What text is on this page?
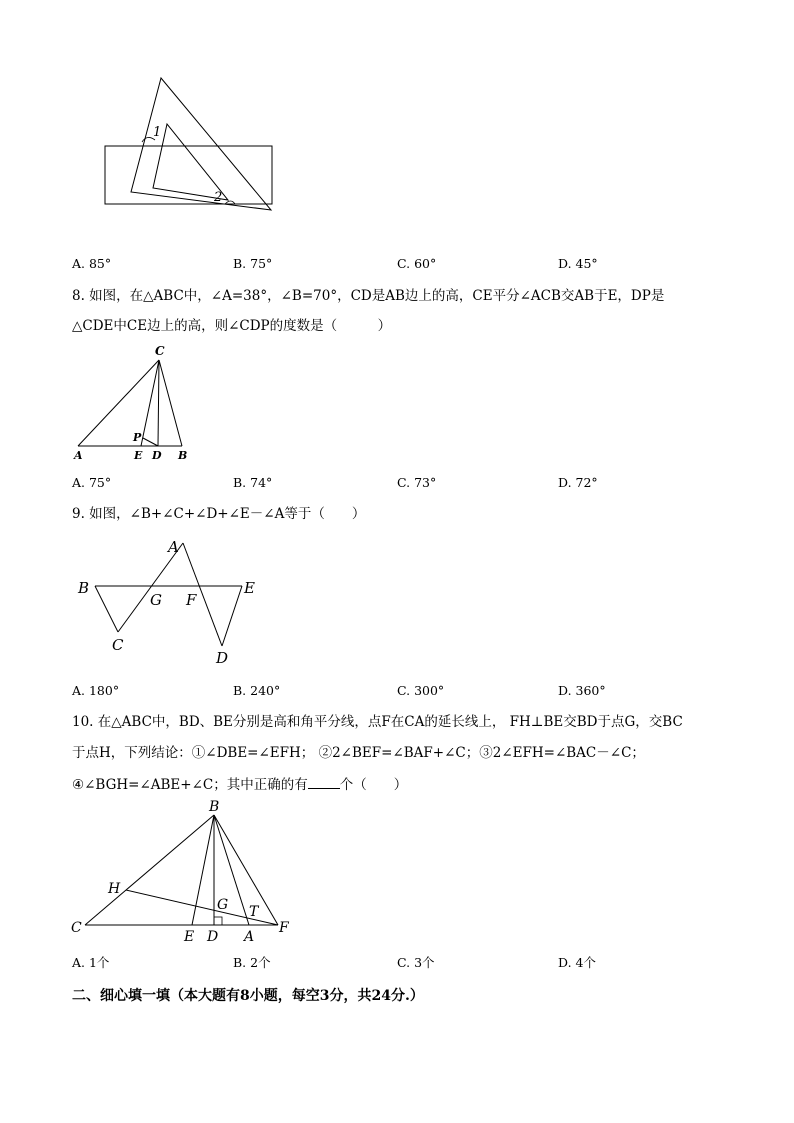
1
2
A. 85°	B. 75°	C. 60°	D. 45°
8. 如图，在△ABC中，∠A=38°，∠B=70°，CD是AB边上的高，CE平分∠ACB交AB于E，DP是
△CDE中CE边上的高，则∠CDP的度数是（　　　）
C
P
A	E D B
A. 75°	B. 74°	C. 73°	D. 72°
9. 如图，∠B+∠C+∠D+∠E－∠A等于（　　）
A
B
G F
E
C
D
A. 180°	B. 240°	C. 300°	D. 360°
10. 在△ABC中，BD、BE分别是高和角平分线，点F在CA的延长线上， FH⊥BE交BD于点G，交BC
于点H，下列结论：①∠DBE=∠EFH； ②2∠BEF=∠BAF+∠C；③2∠EFH=∠BAC－∠C；
④∠BGH=∠ABE+∠C；其中正确的有 个（　　）
B
H
G T
C
E D A
F
A. 1个	B. 2个	C. 3个	D. 4个
二、细心填一填（本大题有8小题，每空3分，共24分.）
